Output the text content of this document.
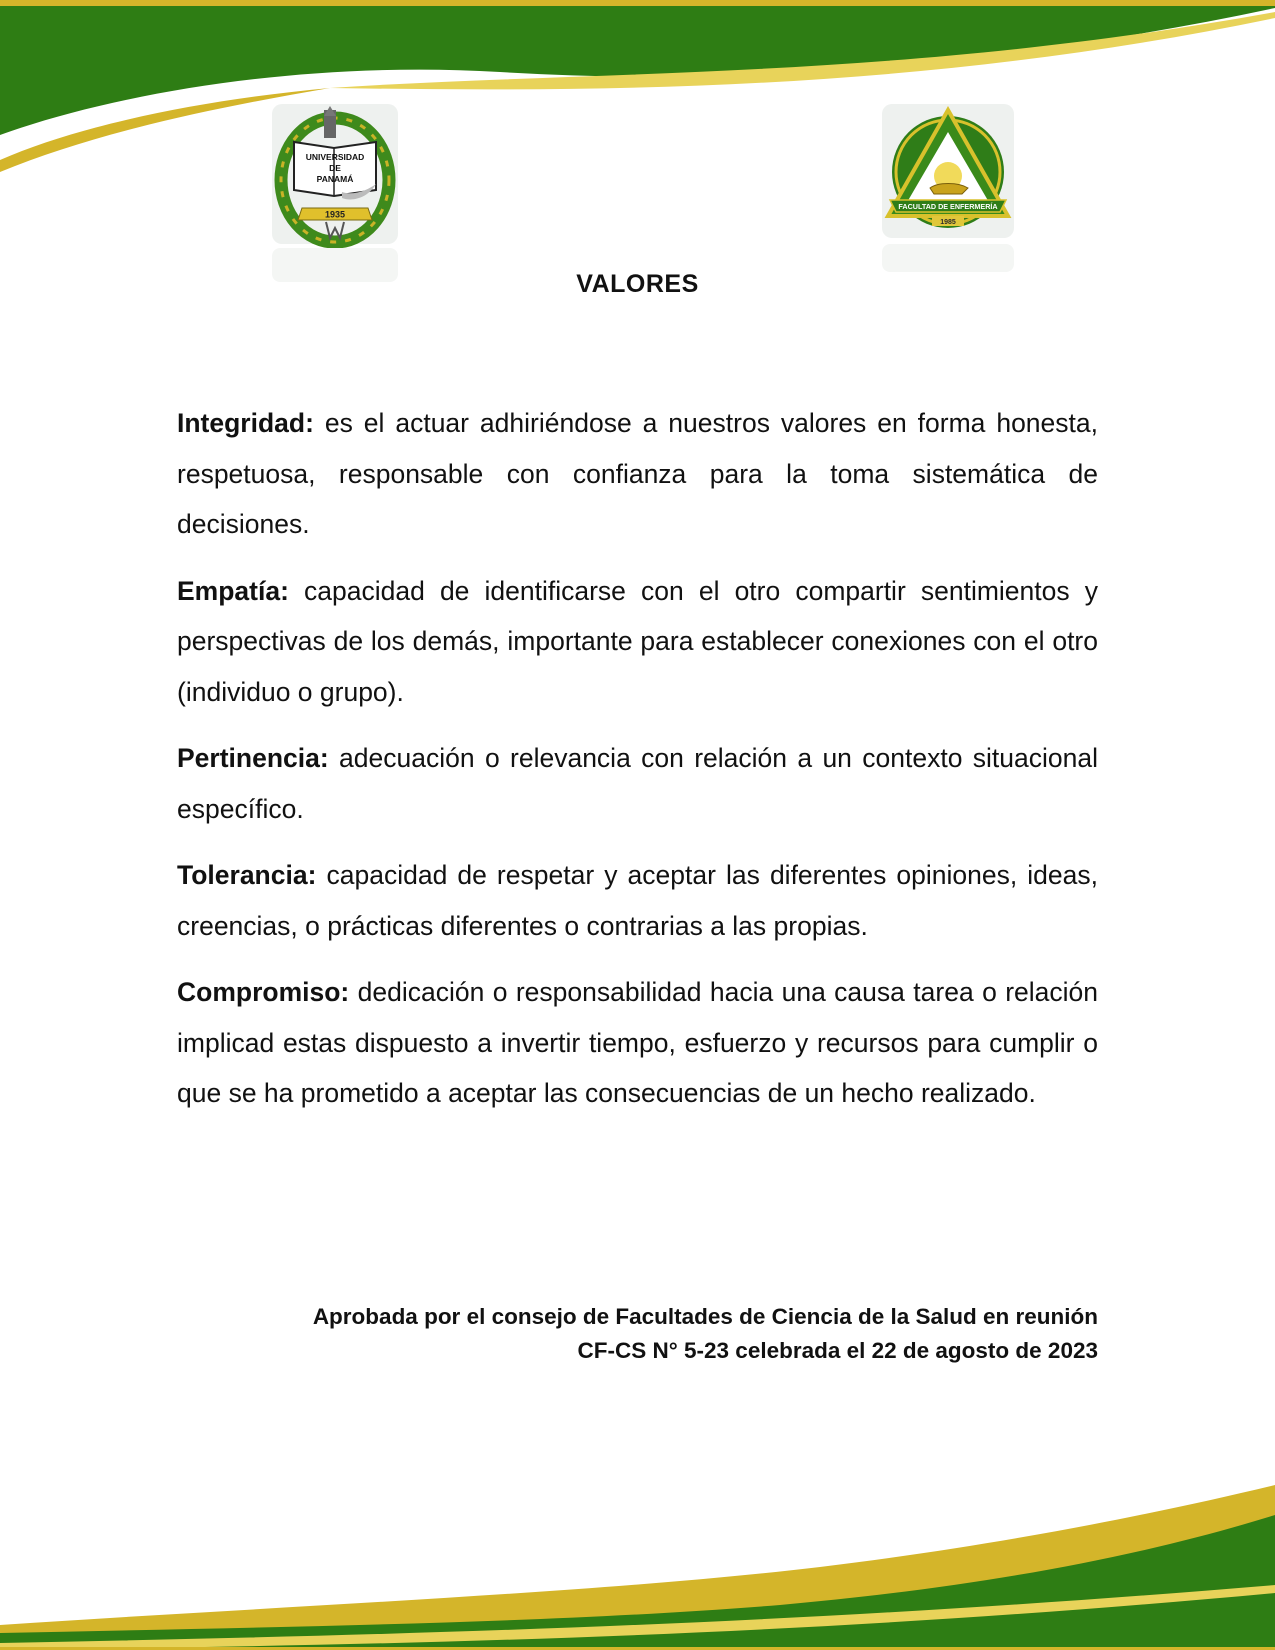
UNIVERSIDAD
DE
PANAMÁ
1935
FACULTAD DE ENFERMERÍA
1985
VALORES

Integridad: es el actuar adhiriéndose a nuestros valores en forma honesta, respetuosa, responsable con confianza para la toma sistemática de decisiones.

Empatía: capacidad de identificarse con el otro compartir sentimientos y perspectivas de los demás, importante para establecer conexiones con el otro (individuo o grupo).

Pertinencia: adecuación o relevancia con relación a un contexto situacional específico.

Tolerancia: capacidad de respetar y aceptar las diferentes opiniones, ideas, creencias, o prácticas diferentes o contrarias a las propias.

Compromiso: dedicación o responsabilidad hacia una causa tarea o relación implicad estas dispuesto a invertir tiempo, esfuerzo y recursos para cumplir o que se ha prometido a aceptar las consecuencias de un hecho realizado.

Aprobada por el consejo de Facultades de Ciencia de la Salud en reunión
CF-CS N° 5-23 celebrada el 22 de agosto de 2023
